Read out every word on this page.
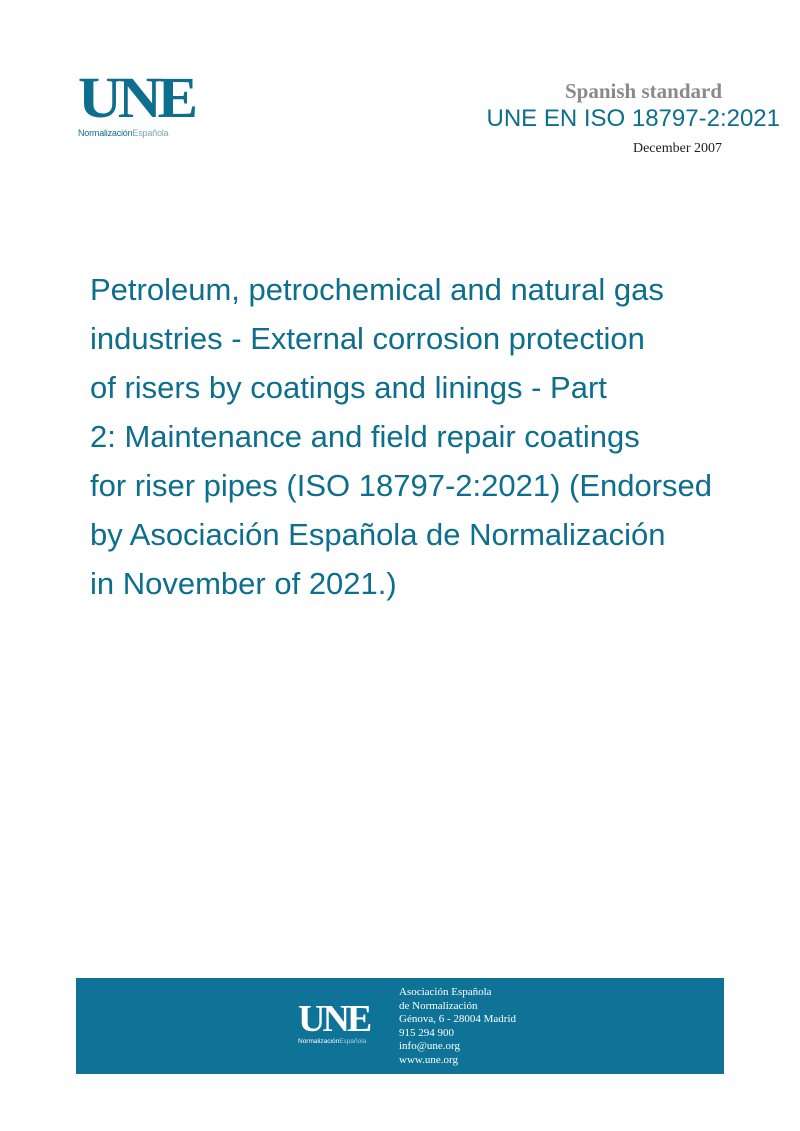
UNE
NormalizaciónEspañola
Spanish standard
UNE EN ISO 18797-2:2021
December 2007
Petroleum, petrochemical and natural gas
industries - External corrosion protection
of risers by coatings and linings - Part
2: Maintenance and field repair coatings
for riser pipes (ISO 18797-2:2021) (Endorsed
by Asociación Española de Normalización
in November of 2021.)
UNE
NormalizaciónEspañola
Asociación Española
de Normalización
Génova, 6 - 28004 Madrid
915 294 900
info@une.org
www.une.org
